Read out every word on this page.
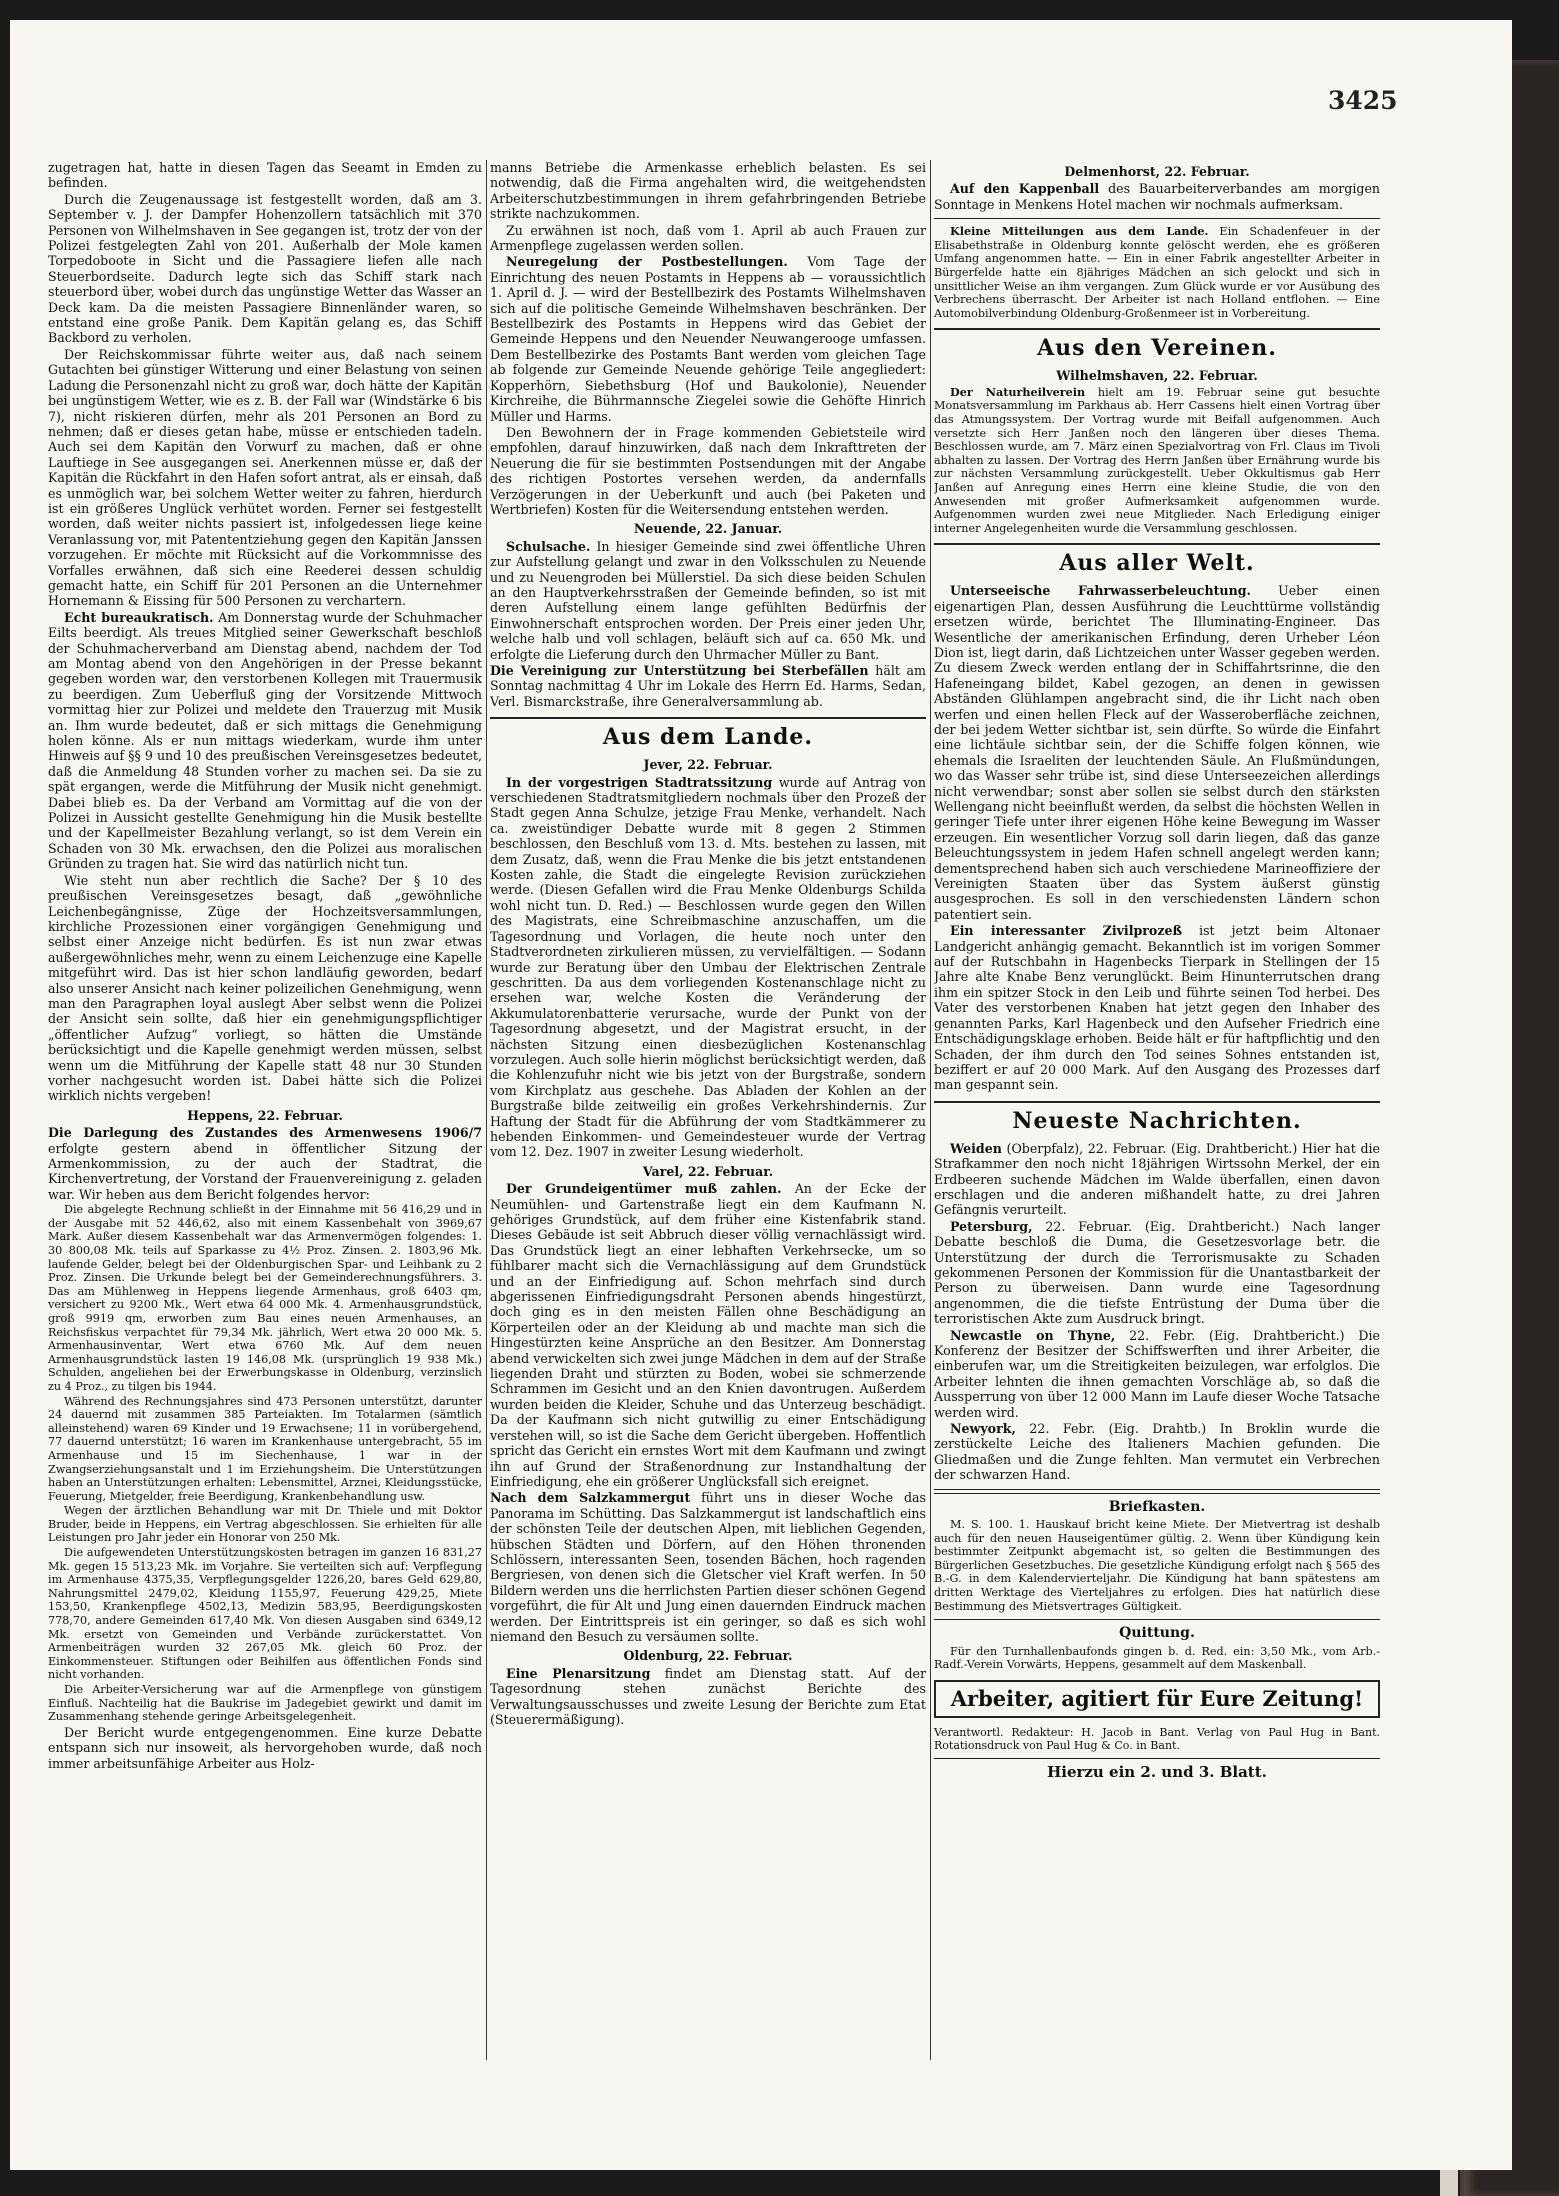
3425

zugetragen hat, hatte in diesen Tagen das Seeamt in Emden zu befinden.

Durch die Zeugenaussage ist festgestellt worden, daß am 3. September v. J. der Dampfer Hohenzollern tatsächlich mit 370 Personen von Wilhelmshaven in See gegangen ist, trotz der von der Polizei festgelegten Zahl von 201. Außerhalb der Mole kamen Torpedoboote in Sicht und die Passagiere liefen alle nach Steuerbordseite. Dadurch legte sich das Schiff stark nach steuerbord über, wobei durch das ungünstige Wetter das Wasser an Deck kam. Da die meisten Passagiere Binnenländer waren, so entstand eine große Panik. Dem Kapitän gelang es, das Schiff Backbord zu verholen.

Der Reichskommissar führte weiter aus, daß nach seinem Gutachten bei günstiger Witterung und einer Belastung von seinen Ladung die Personenzahl nicht zu groß war, doch hätte der Kapitän bei ungünstigem Wetter, wie es z. B. der Fall war (Windstärke 6 bis 7), nicht riskieren dürfen, mehr als 201 Personen an Bord zu nehmen; daß er dieses getan habe, müsse er entschieden tadeln. Auch sei dem Kapitän den Vorwurf zu machen, daß er ohne Lauftiege in See ausgegangen sei. Anerkennen müsse er, daß der Kapitän die Rückfahrt in den Hafen sofort antrat, als er einsah, daß es unmöglich war, bei solchem Wetter weiter zu fahren, hierdurch ist ein größeres Unglück verhütet worden. Ferner sei festgestellt worden, daß weiter nichts passiert ist, infolgedessen liege keine Veranlassung vor, mit Patententziehung gegen den Kapitän Janssen vorzugehen. Er möchte mit Rücksicht auf die Vorkommnisse des Vorfalles erwähnen, daß sich eine Reederei dessen schuldig gemacht hatte, ein Schiff für 201 Personen an die Unternehmer Hornemann & Eissing für 500 Personen zu verchartern.

Echt bureaukratisch. Am Donnerstag wurde der Schuhmacher Eilts beerdigt. Als treues Mitglied seiner Gewerkschaft beschloß der Schuhmacherverband am Dienstag abend, nachdem der Tod am Montag abend von den Angehörigen in der Presse bekannt gegeben worden war, den verstorbenen Kollegen mit Trauermusik zu beerdigen. Zum Ueberfluß ging der Vorsitzende Mittwoch vormittag hier zur Polizei und meldete den Trauerzug mit Musik an. Ihm wurde bedeutet, daß er sich mittags die Genehmigung holen könne. Als er nun mittags wiederkam, wurde ihm unter Hinweis auf §§ 9 und 10 des preußischen Vereinsgesetzes bedeutet, daß die Anmeldung 48 Stunden vorher zu machen sei. Da sie zu spät ergangen, werde die Mitführung der Musik nicht genehmigt. Dabei blieb es. Da der Verband am Vormittag auf die von der Polizei in Aussicht gestellte Genehmigung hin die Musik bestellte und der Kapellmeister Bezahlung verlangt, so ist dem Verein ein Schaden von 30 Mk. erwachsen, den die Polizei aus moralischen Gründen zu tragen hat. Sie wird das natürlich nicht tun.

Wie steht nun aber rechtlich die Sache? Der § 10 des preußischen Vereinsgesetzes besagt, daß „gewöhnliche Leichenbegängnisse, Züge der Hochzeitsversammlungen, kirchliche Prozessionen einer vorgängigen Genehmigung und selbst einer Anzeige nicht bedürfen. Es ist nun zwar etwas außergewöhnliches mehr, wenn zu einem Leichenzuge eine Kapelle mitgeführt wird. Das ist hier schon landläufig geworden, bedarf also unserer Ansicht nach keiner polizeilichen Genehmigung, wenn man den Paragraphen loyal auslegt Aber selbst wenn die Polizei der Ansicht sein sollte, daß hier ein genehmigungspflichtiger „öffentlicher Aufzug“ vorliegt, so hätten die Umstände berücksichtigt und die Kapelle genehmigt werden müssen, selbst wenn um die Mitführung der Kapelle statt 48 nur 30 Stunden vorher nachgesucht worden ist. Dabei hätte sich die Polizei wirklich nichts vergeben!

Heppens, 22. Februar.

Die Darlegung des Zustandes des Armenwesens 1906/7 erfolgte gestern abend in öffentlicher Sitzung der Armenkommission, zu der auch der Stadtrat, die Kirchenvertretung, der Vorstand der Frauenvereinigung z. geladen war. Wir heben aus dem Bericht folgendes hervor:

Die abgelegte Rechnung schließt in der Einnahme mit 56 416,29 und in der Ausgabe mit 52 446,62, also mit einem Kassenbehalt von 3969,67 Mark. Außer diesem Kassenbehalt war das Armenvermögen folgendes: 1. 30 800,08 Mk. teils auf Sparkasse zu 4½ Proz. Zinsen. 2. 1803,96 Mk. laufende Gelder, belegt bei der Oldenburgischen Spar- und Leihbank zu 2 Proz. Zinsen. Die Urkunde belegt bei der Gemeinderechnungsführers. 3. Das am Mühlenweg in Heppens liegende Armenhaus, groß 6403 qm, versichert zu 9200 Mk., Wert etwa 64 000 Mk. 4. Armenhausgrundstück, groß 9919 qm, erworben zum Bau eines neuen Armenhauses, an Reichsfiskus verpachtet für 79,34 Mk. jährlich, Wert etwa 20 000 Mk. 5. Armenhausinventar, Wert etwa 6760 Mk. Auf dem neuen Armenhausgrundstück lasten 19 146,08 Mk. (ursprünglich 19 938 Mk.) Schulden, angeliehen bei der Erwerbungskasse in Oldenburg, verzinslich zu 4 Proz., zu tilgen bis 1944.

Während des Rechnungsjahres sind 473 Personen unterstützt, darunter 24 dauernd mit zusammen 385 Parteiakten. Im Totalarmen (sämtlich alleinstehend) waren 69 Kinder und 19 Erwachsene; 11 in vorübergehend, 77 dauernd unterstützt; 16 waren im Krankenhause untergebracht, 55 im Armenhause und 15 im Siechenhause, 1 war in der Zwangserziehungsanstalt und 1 im Erziehungsheim. Die Unterstützungen haben an Unterstützungen erhalten: Lebensmittel, Arznei, Kleidungsstücke, Feuerung, Mietgelder, freie Beerdigung, Krankenbehandlung usw.

Wegen der ärztlichen Behandlung war mit Dr. Thiele und mit Doktor Bruder, beide in Heppens, ein Vertrag abgeschlossen. Sie erhielten für alle Leistungen pro Jahr jeder ein Honorar von 250 Mk.

Die aufgewendeten Unterstützungskosten betragen im ganzen 16 831,27 Mk. gegen 15 513,23 Mk. im Vorjahre. Sie verteilten sich auf: Verpflegung im Armenhause 4375,35, Verpflegungsgelder 1226,20, bares Geld 629,80, Nahrungsmittel 2479,02, Kleidung 1155,97, Feuerung 429,25, Miete 153,50, Krankenpflege 4502,13, Medizin 583,95, Beerdigungskosten 778,70, andere Gemeinden 617,40 Mk. Von diesen Ausgaben sind 6349,12 Mk. ersetzt von Gemeinden und Verbände zurückerstattet. Von Armenbeiträgen wurden 32 267,05 Mk. gleich 60 Proz. der Einkommensteuer. Stiftungen oder Beihilfen aus öffentlichen Fonds sind nicht vorhanden.

Die Arbeiter-Versicherung war auf die Armenpflege von günstigem Einfluß. Nachteilig hat die Baukrise im Jadegebiet gewirkt und damit im Zusammenhang stehende geringe Arbeitsgelegenheit.

Der Bericht wurde entgegengenommen. Eine kurze Debatte entspann sich nur insoweit, als hervorgehoben wurde, daß noch immer arbeitsunfähige Arbeiter aus Holz-

manns Betriebe die Armenkasse erheblich belasten. Es sei notwendig, daß die Firma angehalten wird, die weitgehendsten Arbeiterschutzbestimmungen in ihrem gefahrbringenden Betriebe strikte nachzukommen.

Zu erwähnen ist noch, daß vom 1. April ab auch Frauen zur Armenpflege zugelassen werden sollen.

Neuregelung der Postbestellungen. Vom Tage der Einrichtung des neuen Postamts in Heppens ab — voraussichtlich 1. April d. J. — wird der Bestellbezirk des Postamts Wilhelmshaven sich auf die politische Gemeinde Wilhelmshaven beschränken. Der Bestellbezirk des Postamts in Heppens wird das Gebiet der Gemeinde Heppens und den Neuender Neuwangerooge umfassen. Dem Bestellbezirke des Postamts Bant werden vom gleichen Tage ab folgende zur Gemeinde Neuende gehörige Teile angegliedert: Kopperhörn, Siebethsburg (Hof und Baukolonie), Neuender Kirchreihe, die Bührmannsche Ziegelei sowie die Gehöfte Hinrich Müller und Harms.

Den Bewohnern der in Frage kommenden Gebietsteile wird empfohlen, darauf hinzuwirken, daß nach dem Inkrafttreten der Neuerung die für sie bestimmten Postsendungen mit der Angabe des richtigen Postortes versehen werden, da andernfalls Verzögerungen in der Ueberkunft und auch (bei Paketen und Wertbriefen) Kosten für die Weitersendung entstehen werden.

Neuende, 22. Januar.

Schulsache. In hiesiger Gemeinde sind zwei öffentliche Uhren zur Aufstellung gelangt und zwar in den Volksschulen zu Neuende und zu Neuengroden bei Müllerstiel. Da sich diese beiden Schulen an den Hauptverkehrsstraßen der Gemeinde befinden, so ist mit deren Aufstellung einem lange gefühlten Bedürfnis der Einwohnerschaft entsprochen worden. Der Preis einer jeden Uhr, welche halb und voll schlagen, beläuft sich auf ca. 650 Mk. und erfolgte die Lieferung durch den Uhrmacher Müller zu Bant.

Die Vereinigung zur Unterstützung bei Sterbefällen hält am Sonntag nachmittag 4 Uhr im Lokale des Herrn Ed. Harms, Sedan, Verl. Bismarckstraße, ihre Generalversammlung ab.

Aus dem Lande.

Jever, 22. Februar.

In der vorgestrigen Stadtratssitzung wurde auf Antrag von verschiedenen Stadtratsmitgliedern nochmals über den Prozeß der Stadt gegen Anna Schulze, jetzige Frau Menke, verhandelt. Nach ca. zweistündiger Debatte wurde mit 8 gegen 2 Stimmen beschlossen, den Beschluß vom 13. d. Mts. bestehen zu lassen, mit dem Zusatz, daß, wenn die Frau Menke die bis jetzt entstandenen Kosten zahle, die Stadt die eingelegte Revision zurückziehen werde. (Diesen Gefallen wird die Frau Menke Oldenburgs Schilda wohl nicht tun. D. Red.) — Beschlossen wurde gegen den Willen des Magistrats, eine Schreibmaschine anzuschaffen, um die Tagesordnung und Vorlagen, die heute noch unter den Stadtverordneten zirkulieren müssen, zu vervielfältigen. — Sodann wurde zur Beratung über den Umbau der Elektrischen Zentrale geschritten. Da aus dem vorliegenden Kostenanschlage nicht zu ersehen war, welche Kosten die Veränderung der Akkumulatorenbatterie verursache, wurde der Punkt von der Tagesordnung abgesetzt, und der Magistrat ersucht, in der nächsten Sitzung einen diesbezüglichen Kostenanschlag vorzulegen. Auch solle hierin möglichst berücksichtigt werden, daß die Kohlenzufuhr nicht wie bis jetzt von der Burgstraße, sondern vom Kirchplatz aus geschehe. Das Abladen der Kohlen an der Burgstraße bilde zeitweilig ein großes Verkehrshindernis. Zur Haftung der Stadt für die Abführung der vom Stadtkämmerer zu hebenden Einkommen- und Gemeindesteuer wurde der Vertrag vom 12. Dez. 1907 in zweiter Lesung wiederholt.

Varel, 22. Februar.

Der Grundeigentümer muß zahlen. An der Ecke der Neumühlen- und Gartenstraße liegt ein dem Kaufmann N. gehöriges Grundstück, auf dem früher eine Kistenfabrik stand. Dieses Gebäude ist seit Abbruch dieser völlig vernachlässigt wird. Das Grundstück liegt an einer lebhaften Verkehrsecke, um so fühlbarer macht sich die Vernachlässigung auf dem Grundstück und an der Einfriedigung auf. Schon mehrfach sind durch abgerissenen Einfriedigungsdraht Personen abends hingestürzt, doch ging es in den meisten Fällen ohne Beschädigung an Körperteilen oder an der Kleidung ab und machte man sich die Hingestürzten keine Ansprüche an den Besitzer. Am Donnerstag abend verwickelten sich zwei junge Mädchen in dem auf der Straße liegenden Draht und stürzten zu Boden, wobei sie schmerzende Schrammen im Gesicht und an den Knien davontrugen. Außerdem wurden beiden die Kleider, Schuhe und das Unterzeug beschädigt. Da der Kaufmann sich nicht gutwillig zu einer Entschädigung verstehen will, so ist die Sache dem Gericht übergeben. Hoffentlich spricht das Gericht ein ernstes Wort mit dem Kaufmann und zwingt ihn auf Grund der Straßenordnung zur Instandhaltung der Einfriedigung, ehe ein größerer Unglücksfall sich ereignet.

Nach dem Salzkammergut führt uns in dieser Woche das Panorama im Schütting. Das Salzkammergut ist landschaftlich eins der schönsten Teile der deutschen Alpen, mit lieblichen Gegenden, hübschen Städten und Dörfern, auf den Höhen thronenden Schlössern, interessanten Seen, tosenden Bächen, hoch ragenden Bergriesen, von denen sich die Gletscher viel Kraft werfen. In 50 Bildern werden uns die herrlichsten Partien dieser schönen Gegend vorgeführt, die für Alt und Jung einen dauernden Eindruck machen werden. Der Eintrittspreis ist ein geringer, so daß es sich wohl niemand den Besuch zu versäumen sollte.

Oldenburg, 22. Februar.

Eine Plenarsitzung findet am Dienstag statt. Auf der Tagesordnung stehen zunächst Berichte des Verwaltungsausschusses und zweite Lesung der Berichte zum Etat (Steuerermäßigung).

Delmenhorst, 22. Februar.

Auf den Kappenball des Bauarbeiterverbandes am morgigen Sonntage in Menkens Hotel machen wir nochmals aufmerksam.

Kleine Mitteilungen aus dem Lande. Ein Schadenfeuer in der Elisabethstraße in Oldenburg konnte gelöscht werden, ehe es größeren Umfang angenommen hatte. — Ein in einer Fabrik angestellter Arbeiter in Bürgerfelde hatte ein 8jähriges Mädchen an sich gelockt und sich in unsittlicher Weise an ihm vergangen. Zum Glück wurde er vor Ausübung des Verbrechens überrascht. Der Arbeiter ist nach Holland entflohen. — Eine Automobilverbindung Oldenburg-Großenmeer ist in Vorbereitung.

Aus den Vereinen.

Wilhelmshaven, 22. Februar.

Der Naturheilverein hielt am 19. Februar seine gut besuchte Monatsversammlung im Parkhaus ab. Herr Cassens hielt einen Vortrag über das Atmungssystem. Der Vortrag wurde mit Beifall aufgenommen. Auch versetzte sich Herr Janßen noch den längeren über dieses Thema. Beschlossen wurde, am 7. März einen Spezialvortrag von Frl. Claus im Tivoli abhalten zu lassen. Der Vortrag des Herrn Janßen über Ernährung wurde bis zur nächsten Versammlung zurückgestellt. Ueber Okkultismus gab Herr Janßen auf Anregung eines Herrn eine kleine Studie, die von den Anwesenden mit großer Aufmerksamkeit aufgenommen wurde. Aufgenommen wurden zwei neue Mitglieder. Nach Erledigung einiger interner Angelegenheiten wurde die Versammlung geschlossen.

Aus aller Welt.

Unterseeische Fahrwasserbeleuchtung. Ueber einen eigenartigen Plan, dessen Ausführung die Leuchttürme vollständig ersetzen würde, berichtet The Illuminating-Engineer. Das Wesentliche der amerikanischen Erfindung, deren Urheber Léon Dion ist, liegt darin, daß Lichtzeichen unter Wasser gegeben werden. Zu diesem Zweck werden entlang der in Schiffahrtsrinne, die den Hafeneingang bildet, Kabel gezogen, an denen in gewissen Abständen Glühlampen angebracht sind, die ihr Licht nach oben werfen und einen hellen Fleck auf der Wasseroberfläche zeichnen, der bei jedem Wetter sichtbar ist, sein dürfte. So würde die Einfahrt eine lichtäule sichtbar sein, der die Schiffe folgen können, wie ehemals die Israeliten der leuchtenden Säule. An Flußmündungen, wo das Wasser sehr trübe ist, sind diese Unterseezeichen allerdings nicht verwendbar; sonst aber sollen sie selbst durch den stärksten Wellengang nicht beeinflußt werden, da selbst die höchsten Wellen in geringer Tiefe unter ihrer eigenen Höhe keine Bewegung im Wasser erzeugen. Ein wesentlicher Vorzug soll darin liegen, daß das ganze Beleuchtungssystem in jedem Hafen schnell angelegt werden kann; dementsprechend haben sich auch verschiedene Marineoffiziere der Vereinigten Staaten über das System äußerst günstig ausgesprochen. Es soll in den verschiedensten Ländern schon patentiert sein.

Ein interessanter Zivilprozeß ist jetzt beim Altonaer Landgericht anhängig gemacht. Bekanntlich ist im vorigen Sommer auf der Rutschbahn in Hagenbecks Tierpark in Stellingen der 15 Jahre alte Knabe Benz verunglückt. Beim Hinunterrutschen drang ihm ein spitzer Stock in den Leib und führte seinen Tod herbei. Des Vater des verstorbenen Knaben hat jetzt gegen den Inhaber des genannten Parks, Karl Hagenbeck und den Aufseher Friedrich eine Entschädigungsklage erhoben. Beide hält er für haftpflichtig und den Schaden, der ihm durch den Tod seines Sohnes entstanden ist, beziffert er auf 20 000 Mark. Auf den Ausgang des Prozesses darf man gespannt sein.

Neueste Nachrichten.

Weiden (Oberpfalz), 22. Februar. (Eig. Drahtbericht.) Hier hat die Strafkammer den noch nicht 18jährigen Wirtssohn Merkel, der ein Erdbeeren suchende Mädchen im Walde überfallen, einen davon erschlagen und die anderen mißhandelt hatte, zu drei Jahren Gefängnis verurteilt.

Petersburg, 22. Februar. (Eig. Drahtbericht.) Nach langer Debatte beschloß die Duma, die Gesetzesvorlage betr. die Unterstützung der durch die Terrorismusakte zu Schaden gekommenen Personen der Kommission für die Unantastbarkeit der Person zu überweisen. Dann wurde eine Tagesordnung angenommen, die die tiefste Entrüstung der Duma über die terroristischen Akte zum Ausdruck bringt.

Newcastle on Thyne, 22. Febr. (Eig. Drahtbericht.) Die Konferenz der Besitzer der Schiffswerften und ihrer Arbeiter, die einberufen war, um die Streitigkeiten beizulegen, war erfolglos. Die Arbeiter lehnten die ihnen gemachten Vorschläge ab, so daß die Aussperrung von über 12 000 Mann im Laufe dieser Woche Tatsache werden wird.

Newyork, 22. Febr. (Eig. Drahtb.) In Broklin wurde die zerstückelte Leiche des Italieners Machien gefunden. Die Gliedmaßen und die Zunge fehlten. Man vermutet ein Verbrechen der schwarzen Hand.

Briefkasten.

M. S. 100. 1. Hauskauf bricht keine Miete. Der Mietvertrag ist deshalb auch für den neuen Hauseigentümer gültig. 2. Wenn über Kündigung kein bestimmter Zeitpunkt abgemacht ist, so gelten die Bestimmungen des Bürgerlichen Gesetzbuches. Die gesetzliche Kündigung erfolgt nach § 565 des B.-G. in dem Kalendervierteljahr. Die Kündigung hat bann spätestens am dritten Werktage des Vierteljahres zu erfolgen. Dies hat natürlich diese Bestimmung des Mietsvertrages Gültigkeit.

Quittung.

Für den Turnhallenbaufonds gingen b. d. Red. ein: 3,50 Mk., vom Arb.-Radf.-Verein Vorwärts, Heppens, gesammelt auf dem Maskenball.

Arbeiter, agitiert für Eure Zeitung!

Verantwortl. Redakteur: H. Jacob in Bant. Verlag von Paul Hug in Bant. Rotationsdruck von Paul Hug & Co. in Bant.

Hierzu ein 2. und 3. Blatt.
